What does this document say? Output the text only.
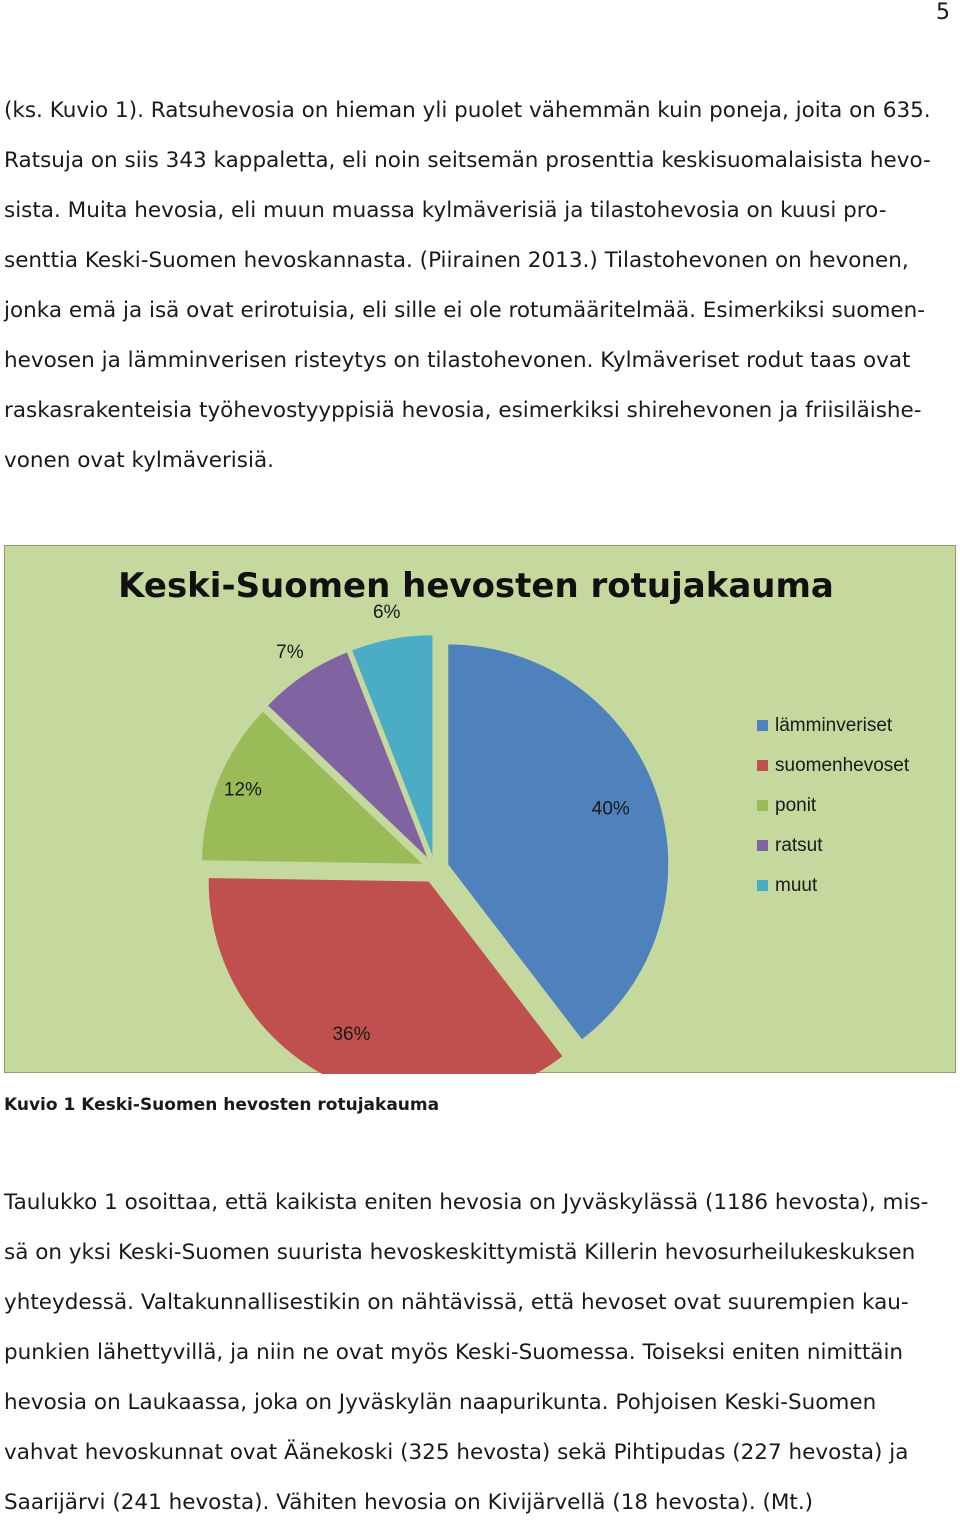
5
(ks. Kuvio 1). Ratsuhevosia on hieman yli puolet vähemmän kuin poneja, joita on 635.
Ratsuja on siis 343 kappaletta, eli noin seitsemän prosenttia keskisuomalaisista hevo-
sista. Muita hevosia, eli muun muassa kylmäverisiä ja tilastohevosia on kuusi pro-
senttia Keski-Suomen hevoskannasta. (Piirainen 2013.) Tilastohevonen on hevonen,
jonka emä ja isä ovat erirotuisia, eli sille ei ole rotumääritelmää. Esimerkiksi suomen-
hevosen ja lämminverisen risteytys on tilastohevonen. Kylmäveriset rodut taas ovat
raskasrakenteisia työhevostyyppisiä hevosia, esimerkiksi shirehevonen ja friisiläishe-
vonen ovat kylmäverisiä.
40%
36%
12%
7%
6%
lämminveriset
suomenhevoset
ponit
ratsut
muut
Keski-Suomen hevosten rotujakauma
Kuvio 1 Keski-Suomen hevosten rotujakauma
Taulukko 1 osoittaa, että kaikista eniten hevosia on Jyväskylässä (1186 hevosta), mis-
sä on yksi Keski-Suomen suurista hevoskeskittymistä Killerin hevosurheilukeskuksen
yhteydessä. Valtakunnallisestikin on nähtävissä, että hevoset ovat suurempien kau-
punkien lähettyvillä, ja niin ne ovat myös Keski-Suomessa. Toiseksi eniten nimittäin
hevosia on Laukaassa, joka on Jyväskylän naapurikunta. Pohjoisen Keski-Suomen
vahvat hevoskunnat ovat Äänekoski (325 hevosta) sekä Pihtipudas (227 hevosta) ja
Saarijärvi (241 hevosta). Vähiten hevosia on Kivijärvellä (18 hevosta). (Mt.)
